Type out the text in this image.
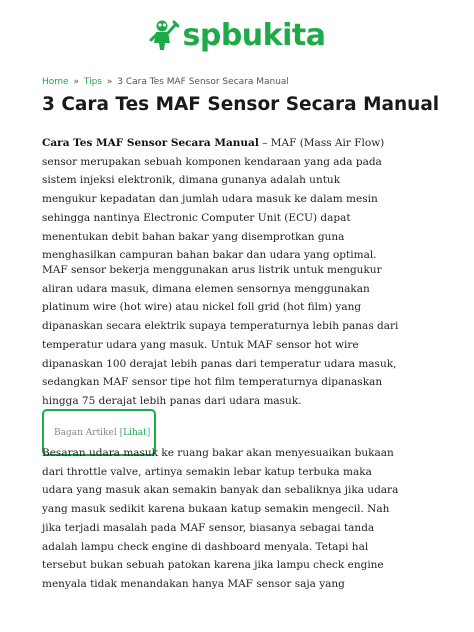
spbukita
Home » Tips » 3 Cara Tes MAF Sensor Secara Manual
3 Cara Tes MAF Sensor Secara Manual
Cara Tes MAF Sensor Secara Manual – MAF (Mass Air Flow)
sensor merupakan sebuah komponen kendaraan yang ada pada
sistem injeksi elektronik, dimana gunanya adalah untuk
mengukur kepadatan dan jumlah udara masuk ke dalam mesin
sehingga nantinya Electronic Computer Unit (ECU) dapat
menentukan debit bahan bakar yang disemprotkan guna
menghasilkan campuran bahan bakar dan udara yang optimal.
MAF sensor bekerja menggunakan arus listrik untuk mengukur
aliran udara masuk, dimana elemen sensornya menggunakan
platinum wire (hot wire) atau nickel foll grid (hot film) yang
dipanaskan secara elektrik supaya temperaturnya lebih panas dari
temperatur udara yang masuk. Untuk MAF sensor hot wire
dipanaskan 100 derajat lebih panas dari temperatur udara masuk,
sedangkan MAF sensor tipe hot film temperaturnya dipanaskan
hingga 75 derajat lebih panas dari udara masuk.
Bagan Artikel
[ Lihat ]
Besaran udara masuk ke ruang bakar akan menyesuaikan bukaan
dari throttle valve, artinya semakin lebar katup terbuka maka
udara yang masuk akan semakin banyak dan sebaliknya jika udara
yang masuk sedikit karena bukaan katup semakin mengecil. Nah
jika terjadi masalah pada MAF sensor, biasanya sebagai tanda
adalah lampu check engine di dashboard menyala. Tetapi hal
tersebut bukan sebuah patokan karena jika lampu check engine
menyala tidak menandakan hanya MAF sensor saja yang
